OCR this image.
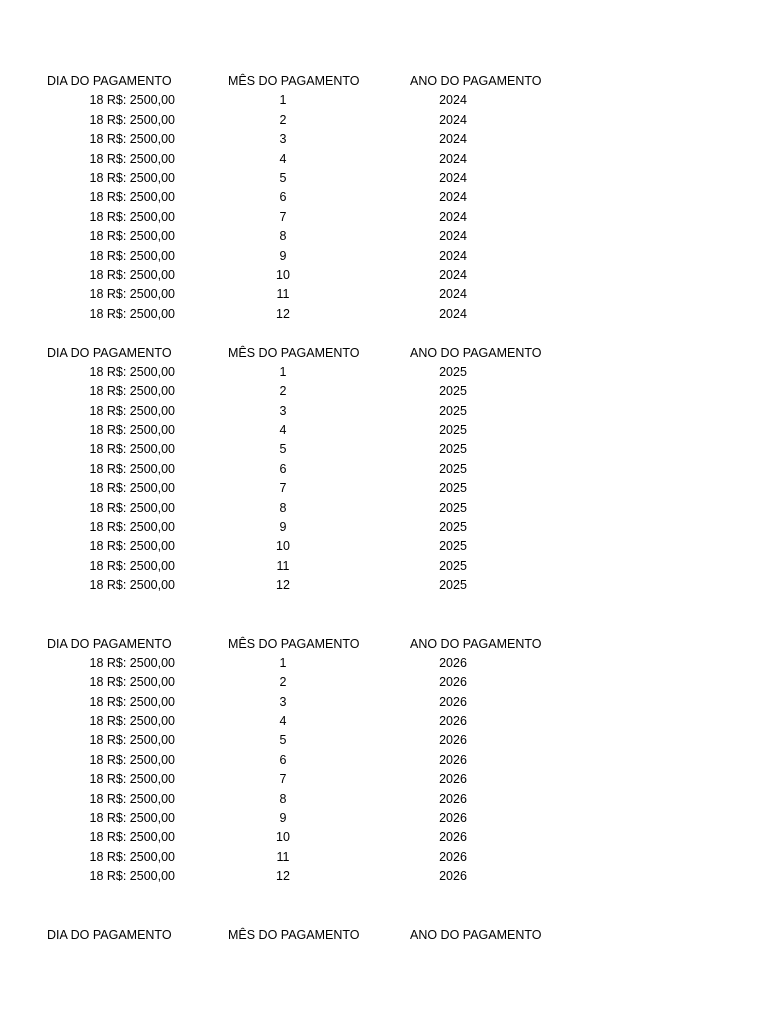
DIA DO PAGAMENTO	MÊS DO PAGAMENTO	ANO DO PAGAMENTO
18 R$: 2500,00	1	2024
18 R$: 2500,00	2	2024
18 R$: 2500,00	3	2024
18 R$: 2500,00	4	2024
18 R$: 2500,00	5	2024
18 R$: 2500,00	6	2024
18 R$: 2500,00	7	2024
18 R$: 2500,00	8	2024
18 R$: 2500,00	9	2024
18 R$: 2500,00	10	2024
18 R$: 2500,00	11	2024
18 R$: 2500,00	12	2024
DIA DO PAGAMENTO	MÊS DO PAGAMENTO	ANO DO PAGAMENTO
18 R$: 2500,00	1	2025
18 R$: 2500,00	2	2025
18 R$: 2500,00	3	2025
18 R$: 2500,00	4	2025
18 R$: 2500,00	5	2025
18 R$: 2500,00	6	2025
18 R$: 2500,00	7	2025
18 R$: 2500,00	8	2025
18 R$: 2500,00	9	2025
18 R$: 2500,00	10	2025
18 R$: 2500,00	11	2025
18 R$: 2500,00	12	2025
DIA DO PAGAMENTO	MÊS DO PAGAMENTO	ANO DO PAGAMENTO
18 R$: 2500,00	1	2026
18 R$: 2500,00	2	2026
18 R$: 2500,00	3	2026
18 R$: 2500,00	4	2026
18 R$: 2500,00	5	2026
18 R$: 2500,00	6	2026
18 R$: 2500,00	7	2026
18 R$: 2500,00	8	2026
18 R$: 2500,00	9	2026
18 R$: 2500,00	10	2026
18 R$: 2500,00	11	2026
18 R$: 2500,00	12	2026
DIA DO PAGAMENTO	MÊS DO PAGAMENTO	ANO DO PAGAMENTO
